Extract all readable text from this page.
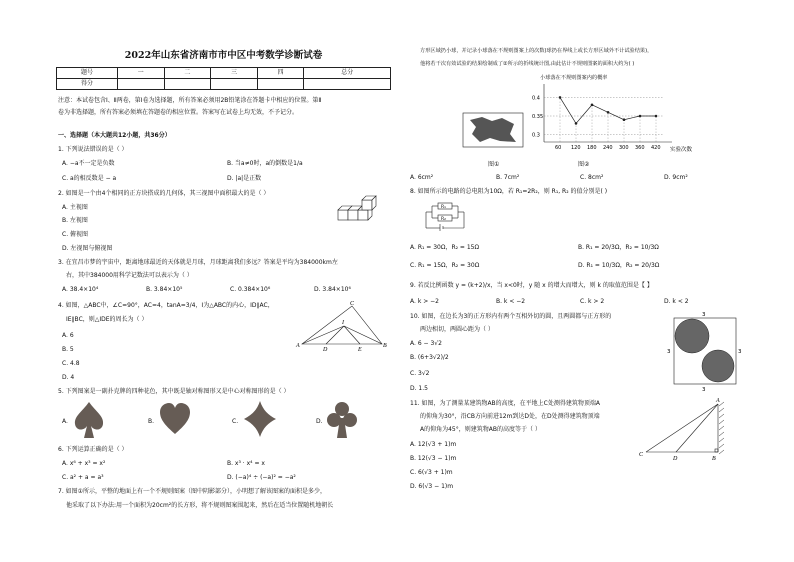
2022年山东省济南市市中区中考数学诊断试卷
题号	一	二	三	四	总分
得分					
注意：本试卷包含Ⅰ、Ⅱ两卷，第Ⅰ卷为选择题，所有答案必须用2B铅笔涂在答题卡中相应的位置。第Ⅱ
卷为非选择题，所有答案必须填在答题卷的相应位置。答案写在试卷上均无效，不予记分。
一、选择题（本大题共12小题，共36分）
1. 下列说法错误的是（ ）
A. −a不一定是负数	B. 当a≠0时，a的倒数是1/a
C. a的相反数是 − a	D. |a|是正数
2. 如图是一个由4个相同的正方块搭成的几何体，其三视图中面积最大的是（ ）
A. 主视图
B. 左视图
C. 俯视图
D. 左视图与俯视图
3. 在宜昌市梦的宇宙中，距离地球最近的天体就是月球，月球距离我们多远？答案是平均为384000km左
右，其中384000用科学记数法可以表示为（ ）
A. 38.4×10⁴	B. 3.84×10⁵	C. 0.384×10⁶	D. 3.84×10⁶
4. 如图，△ABC中，∠C=90°，AC=4，tanA=3/4，I为△ABC的内心，ID∥AC，
IE∥BC，则△IDE的周长为（ ）
A. 6
B. 5
C. 4.8
D. 4
C
I
A
D	E
B
5. 下列图案是一副扑克牌的四种花色，其中既是轴对称图形又是中心对称图形的是（ ）
A.	B.	C.	D.
6. 下列运算正确的是（ ）
A. x⁶ + x³ = x²	B. x³ · x⁴ = x
C. a² + a = a³	D. (−a)⁴ ÷ (−a)² = −a²
7. 如图①所示，平整的地面上有一个不规则图案（图中阴影部分），小明想了解该图案的面积是多少，
他采取了以下办法:用一个面积为20cm²的长方形，将不规则图案围起来，然后在适当位置随机地朝长
方形区域扔小球，并记录小球落在不规则图案上的次数(球扔在界线上或长方形区域外不计试验结果)，
他将若干次有效试验的结果绘制成了②所示的折线统计图,由此估计不规则图案的面积大约为( )
图①
小球落在不规则图案内的概率
0.4
0.35
0.3
60 120 180 240 300 360 420 实验次数
图②
A. 6cm²	B. 7cm²	C. 8cm²	D. 9cm²
8. 如图所示的电路的总电阻为10Ω，若 R₁=2R₂，则 R₁, R₂ 的值分别是( )
R₁
R₂
A. R₁ = 30Ω，R₂ = 15Ω	B. R₁ = 20/3Ω，R₂ = 10/3Ω
C. R₁ = 15Ω，R₂ = 30Ω	D. R₁ = 10/3Ω，R₂ = 20/3Ω
9. 若反比例函数 y = (k+2)/x，当 x<0时，y 随 x 的增大而增大，则 k 的取值范围是【 】
A. k > −2	B. k < −2	C. k > 2	D. k < 2
10. 如图，在边长为3的正方形内有两个互相外切的圆，且两圆都与正方形的
两边相切，两圆心距为（ ）
A. 6 − 3√2
B. (6+3√2)/2
C. 3√2
D. 1.5
3
3	3
3
11. 如图，为了测量某建筑物AB的高度，在平地上C处测得建筑物顶端A
的仰角为30°，沿CB方向前进12m到达D处，在D处测得建筑物顶端
A的仰角为45°，则建筑物AB的高度等于（ ）
A. 12(√3 + 1)m
B. 12(√3 − 1)m
C. 6(√3 + 1)m
D. 6(√3 − 1)m
A
C
D	B
